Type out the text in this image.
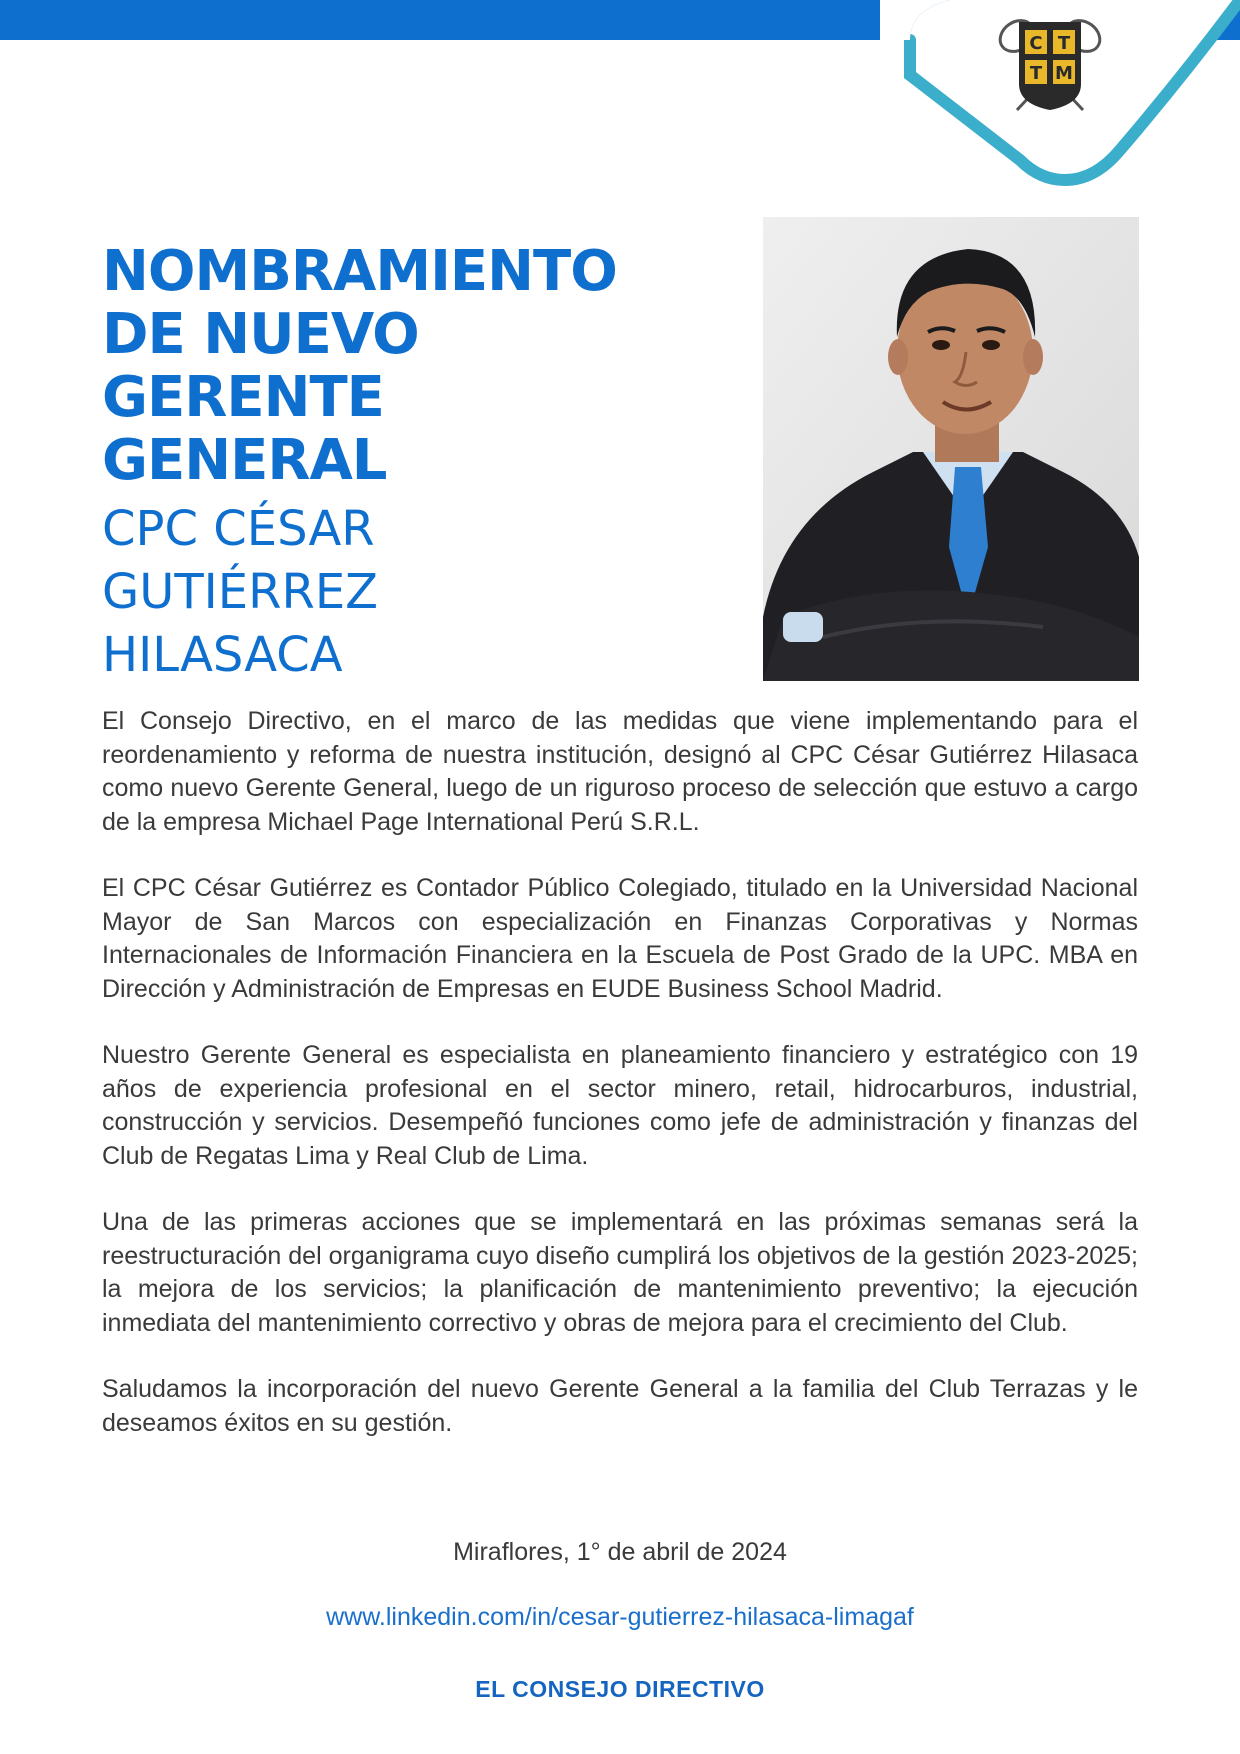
C T
T M
NOMBRAMIENTO
DE NUEVO
GERENTE
GENERAL
CPC CÉSAR
GUTIÉRREZ
HILASACA

El Consejo Directivo, en el marco de las medidas que viene implementando para el reordenamiento y reforma de nuestra institución, designó al CPC César Gutiérrez Hilasaca como nuevo Gerente General, luego de un riguroso proceso de selección que estuvo a cargo de la empresa Michael Page International Perú S.R.L.

El CPC César Gutiérrez es Contador Público Colegiado, titulado en la Universidad Nacional Mayor de San Marcos con especialización en Finanzas Corporativas y Normas Internacionales de Información Financiera en la Escuela de Post Grado de la UPC. MBA en Dirección y Administración de Empresas en EUDE Business School Madrid.

Nuestro Gerente General es especialista en planeamiento financiero y estratégico con 19 años de experiencia profesional en el sector minero, retail, hidrocarburos, industrial, construcción y servicios. Desempeñó funciones como jefe de administración y finanzas del Club de Regatas Lima y Real Club de Lima.

Una de las primeras acciones que se implementará en las próximas semanas será la reestructuración del organigrama cuyo diseño cumplirá los objetivos de la gestión 2023-2025; la mejora de los servicios; la planificación de mantenimiento preventivo; la ejecución inmediata del mantenimiento correctivo y obras de mejora para el crecimiento del Club.

Saludamos la incorporación del nuevo Gerente General a la familia del Club Terrazas y le deseamos éxitos en su gestión.

Miraflores, 1° de abril de 2024
www.linkedin.com/in/cesar-gutierrez-hilasaca-limagaf
EL CONSEJO DIRECTIVO
